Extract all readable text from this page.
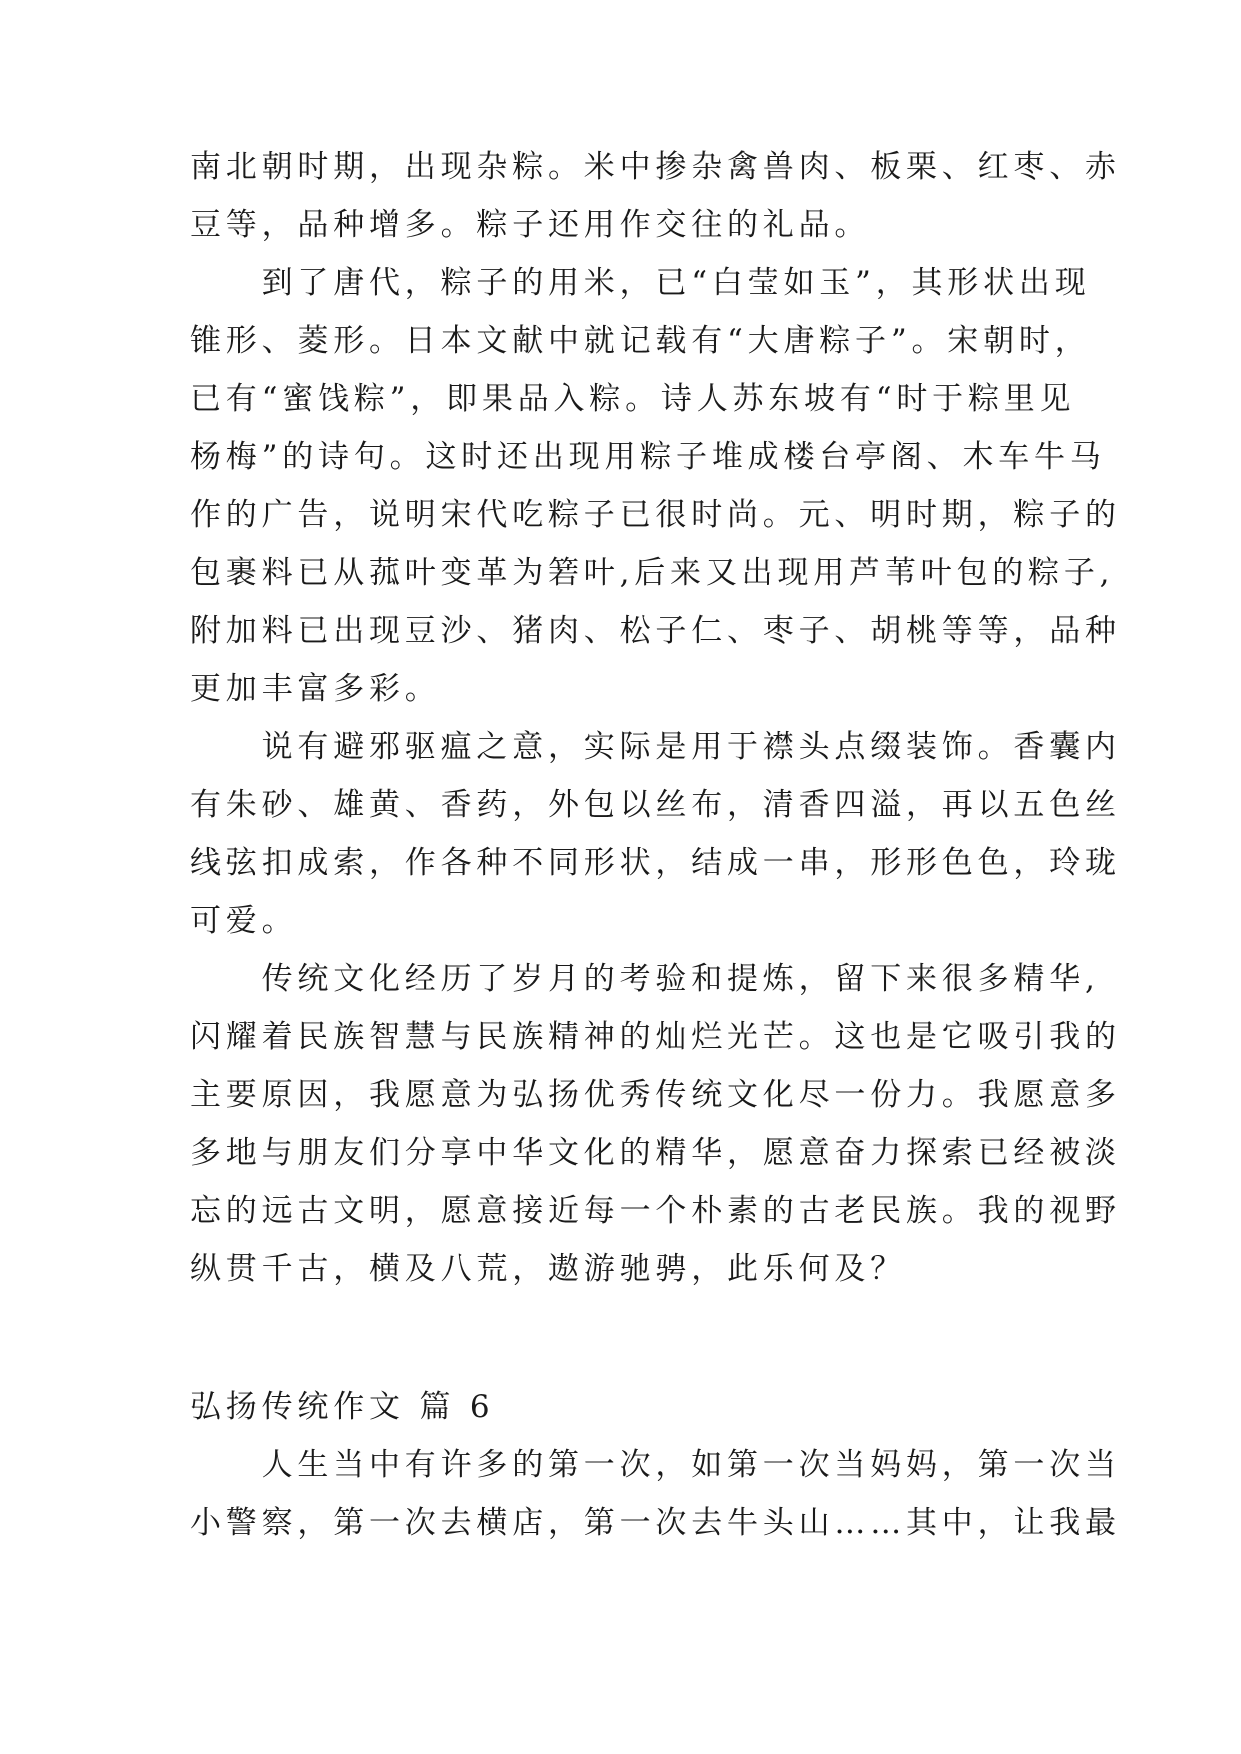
南北朝时期，出现杂粽。米中掺杂禽兽肉、板栗、红枣、赤
豆等，品种增多。粽子还用作交往的礼品。
　　到了唐代，粽子的用米，已“白莹如玉”，其形状出现
锥形、菱形。日本文献中就记载有“大唐粽子”。宋朝时，
已有“蜜饯粽”，即果品入粽。诗人苏东坡有“时于粽里见
杨梅”的诗句。这时还出现用粽子堆成楼台亭阁、木车牛马
作的广告，说明宋代吃粽子已很时尚。元、明时期，粽子的
包裹料已从菰叶变革为箬叶,后来又出现用芦苇叶包的粽子,
附加料已出现豆沙、猪肉、松子仁、枣子、胡桃等等，品种
更加丰富多彩。
　　说有避邪驱瘟之意，实际是用于襟头点缀装饰。香囊内
有朱砂、雄黄、香药，外包以丝布，清香四溢，再以五色丝
线弦扣成索，作各种不同形状，结成一串，形形色色，玲珑
可爱。
　　传统文化经历了岁月的考验和提炼，留下来很多精华,
闪耀着民族智慧与民族精神的灿烂光芒。这也是它吸引我的
主要原因，我愿意为弘扬优秀传统文化尽一份力。我愿意多
多地与朋友们分享中华文化的精华，愿意奋力探索已经被淡
忘的远古文明，愿意接近每一个朴素的古老民族。我的视野
纵贯千古，横及八荒，遨游驰骋，此乐何及？
弘扬传统作文 篇 6
　　人生当中有许多的第一次，如第一次当妈妈，第一次当
小警察，第一次去横店，第一次去牛头山……其中，让我最
